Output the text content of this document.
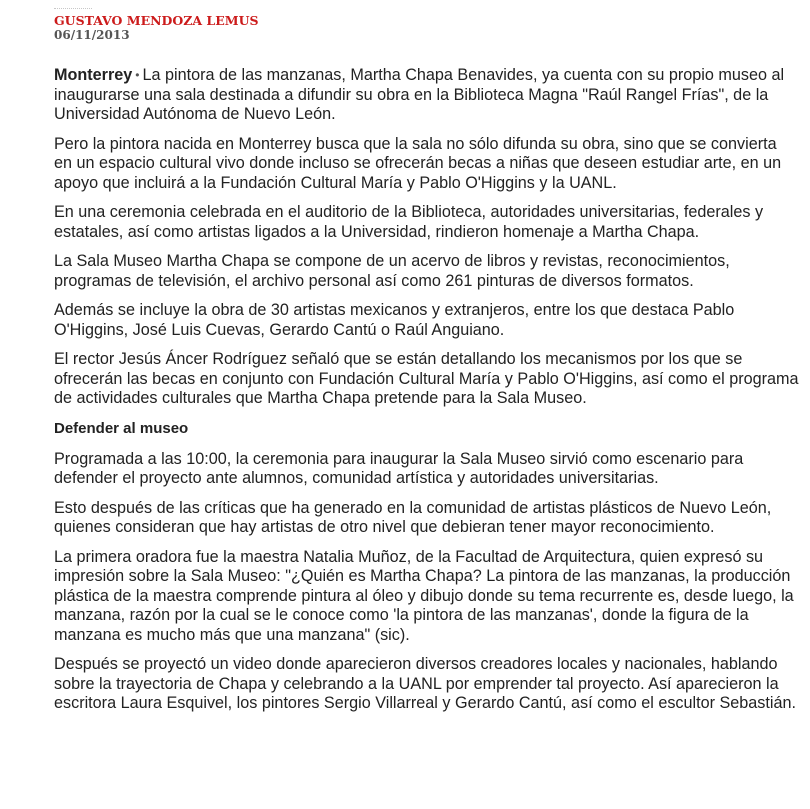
GUSTAVO MENDOZA LEMUS
06/11/2013

Monterrey • La pintora de las manzanas, Martha Chapa Benavides, ya cuenta con su propio museo al inaugurarse una sala destinada a difundir su obra en la Biblioteca Magna "Raúl Rangel Frías", de la Universidad Autónoma de Nuevo León.

Pero la pintora nacida en Monterrey busca que la sala no sólo difunda su obra, sino que se convierta en un espacio cultural vivo donde incluso se ofrecerán becas a niñas que deseen estudiar arte, en un apoyo que incluirá a la Fundación Cultural María y Pablo O'Higgins y la UANL.

En una ceremonia celebrada en el auditorio de la Biblioteca, autoridades universitarias, federales y estatales, así como artistas ligados a la Universidad, rindieron homenaje a Martha Chapa.

La Sala Museo Martha Chapa se compone de un acervo de libros y revistas, reconocimientos, programas de televisión, el archivo personal así como 261 pinturas de diversos formatos.

Además se incluye la obra de 30 artistas mexicanos y extranjeros, entre los que destaca Pablo O'Higgins, José Luis Cuevas, Gerardo Cantú o Raúl Anguiano.

El rector Jesús Áncer Rodríguez señaló que se están detallando los mecanismos por los que se ofrecerán las becas en conjunto con Fundación Cultural María y Pablo O'Higgins, así como el programa de actividades culturales que Martha Chapa pretende para la Sala Museo.

Defender al museo

Programada a las 10:00, la ceremonia para inaugurar la Sala Museo sirvió como escenario para defender el proyecto ante alumnos, comunidad artística y autoridades universitarias.

Esto después de las críticas que ha generado en la comunidad de artistas plásticos de Nuevo León, quienes consideran que hay artistas de otro nivel que debieran tener mayor reconocimiento.

La primera oradora fue la maestra Natalia Muñoz, de la Facultad de Arquitectura, quien expresó su impresión sobre la Sala Museo: "¿Quién es Martha Chapa? La pintora de las manzanas, la producción plástica de la maestra comprende pintura al óleo y dibujo donde su tema recurrente es, desde luego, la manzana, razón por la cual se le conoce como 'la pintora de las manzanas', donde la figura de la manzana es mucho más que una manzana" (sic).

Después se proyectó un video donde aparecieron diversos creadores locales y nacionales, hablando sobre la trayectoria de Chapa y celebrando a la UANL por emprender tal proyecto. Así aparecieron la escritora Laura Esquivel, los pintores Sergio Villarreal y Gerardo Cantú, así como el escultor Sebastián.
